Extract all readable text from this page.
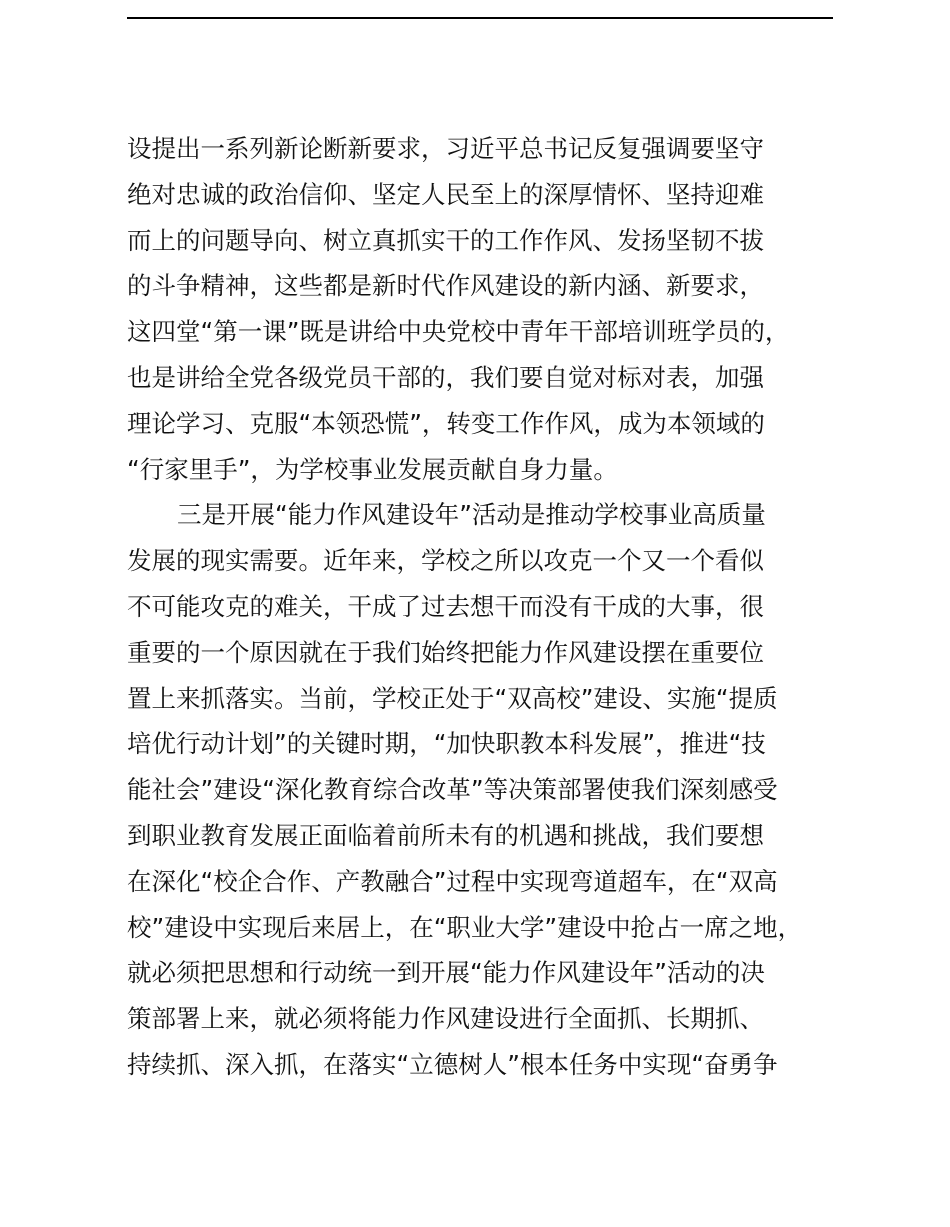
设提出一系列新论断新要求，习近平总书记反复强调要坚守
绝对忠诚的政治信仰、坚定人民至上的深厚情怀、坚持迎难
而上的问题导向、树立真抓实干的工作作风、发扬坚韧不拔
的斗争精神，这些都是新时代作风建设的新内涵、新要求，
这四堂“第一课”既是讲给中央党校中青年干部培训班学员的，
也是讲给全党各级党员干部的，我们要自觉对标对表，加强
理论学习、克服“本领恐慌”，转变工作作风，成为本领域的
“行家里手”，为学校事业发展贡献自身力量。
三是开展“能力作风建设年”活动是推动学校事业高质量
发展的现实需要。近年来，学校之所以攻克一个又一个看似
不可能攻克的难关，干成了过去想干而没有干成的大事，很
重要的一个原因就在于我们始终把能力作风建设摆在重要位
置上来抓落实。当前，学校正处于“双高校”建设、实施“提质
培优行动计划”的关键时期，“加快职教本科发展”，推进“技
能社会”建设“深化教育综合改革”等决策部署使我们深刻感受
到职业教育发展正面临着前所未有的机遇和挑战，我们要想
在深化“校企合作、产教融合”过程中实现弯道超车，在“双高
校”建设中实现后来居上，在“职业大学”建设中抢占一席之地，
就必须把思想和行动统一到开展“能力作风建设年”活动的决
策部署上来，就必须将能力作风建设进行全面抓、长期抓、
持续抓、深入抓，在落实“立德树人”根本任务中实现“奋勇争
